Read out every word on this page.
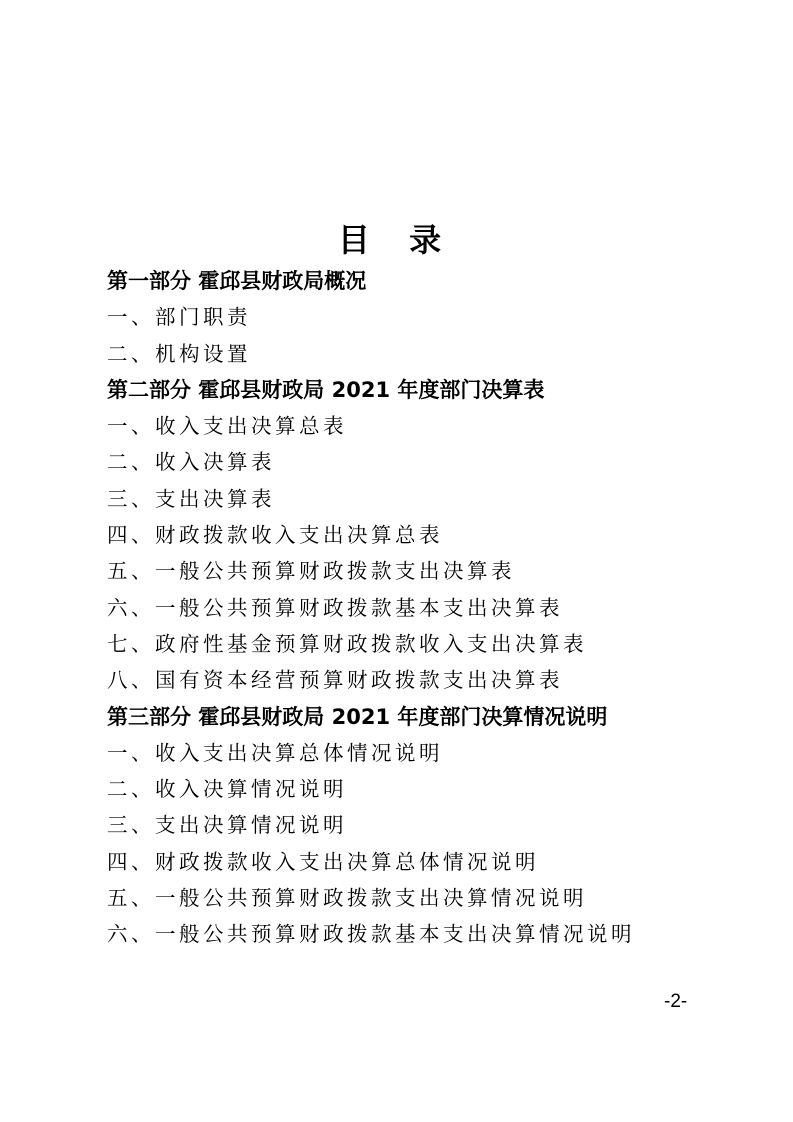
目 录
第一部分 霍邱县财政局概况
一、部门职责
二、机构设置
第二部分 霍邱县财政局 2021 年度部门决算表
一、收入支出决算总表
二、收入决算表
三、支出决算表
四、财政拨款收入支出决算总表
五、一般公共预算财政拨款支出决算表
六、一般公共预算财政拨款基本支出决算表
七、政府性基金预算财政拨款收入支出决算表
八、国有资本经营预算财政拨款支出决算表
第三部分 霍邱县财政局 2021 年度部门决算情况说明
一、收入支出决算总体情况说明
二、收入决算情况说明
三、支出决算情况说明
四、财政拨款收入支出决算总体情况说明
五、一般公共预算财政拨款支出决算情况说明
六、一般公共预算财政拨款基本支出决算情况说明
-2-
